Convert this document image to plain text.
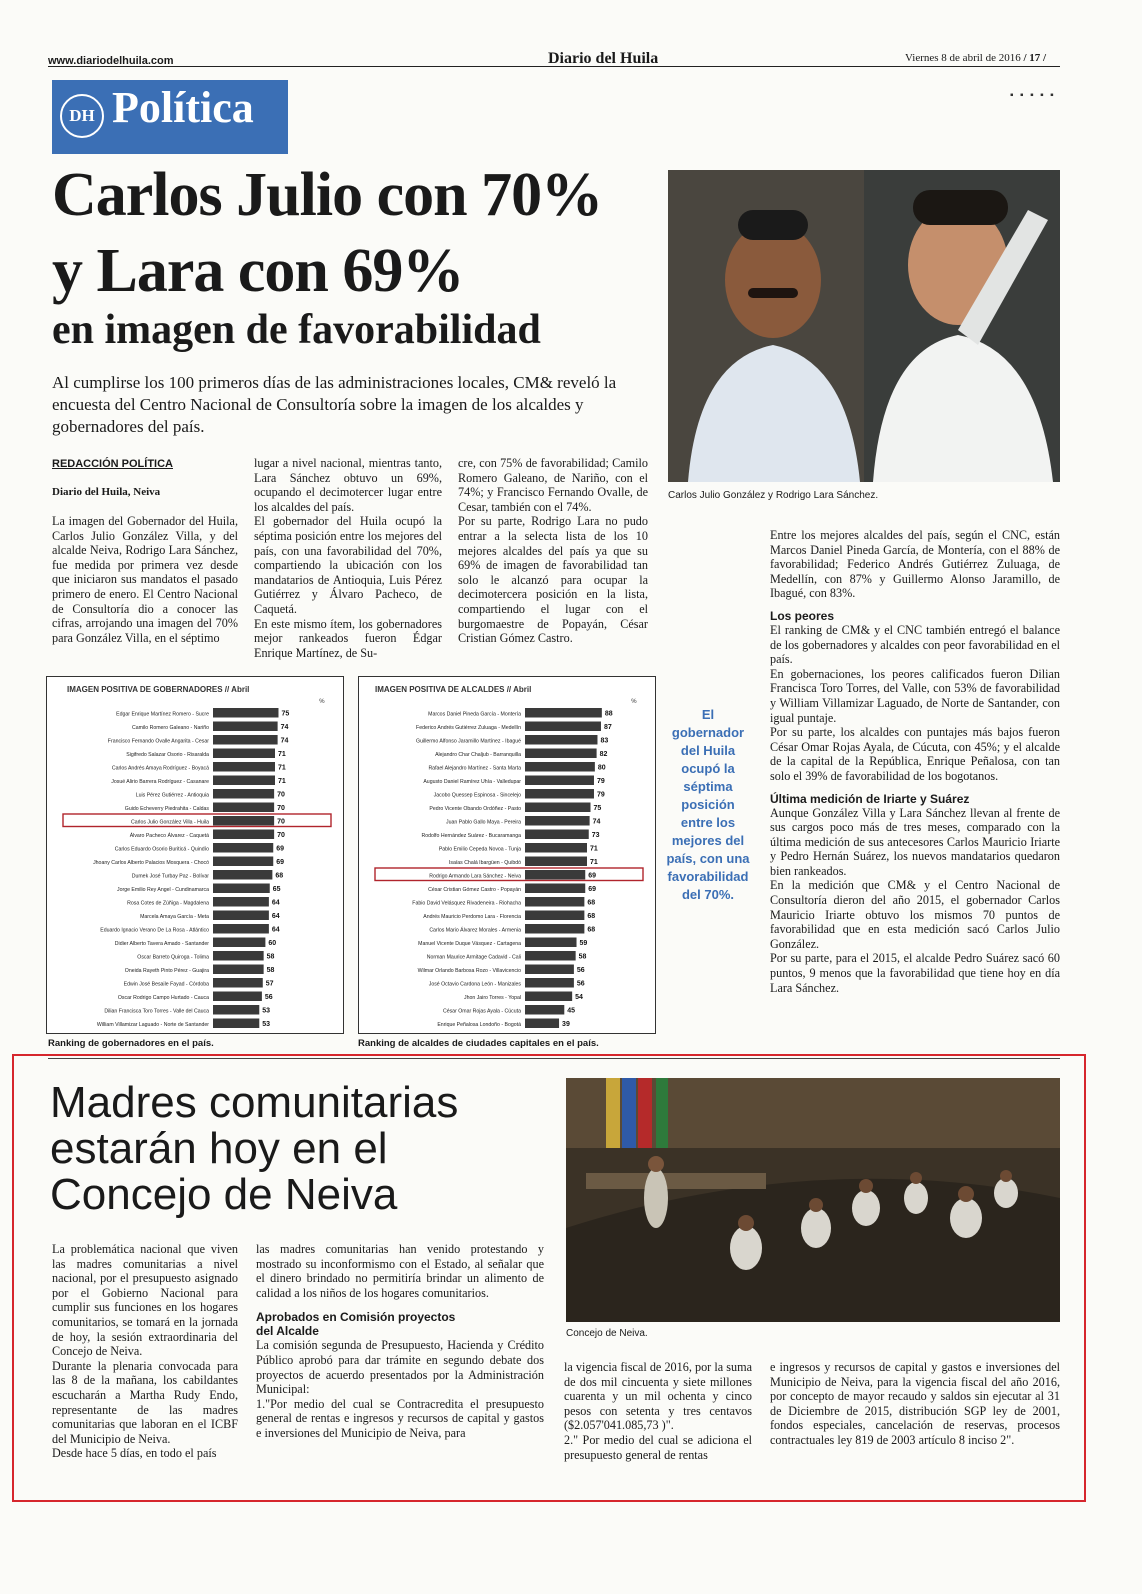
www.diariodelhuila.com	Diario del Huila	Viernes 8 de abril de 2016 / 17 /
DH Política	▪ ▪ ▪ ▪ ▪
Carlos Julio con 70%
y Lara con 69%
en imagen de favorabilidad
Al cumplirse los 100 primeros días de las administraciones locales, CM& reveló la encuesta del Centro Nacional de Consultoría sobre la imagen de los alcaldes y gobernadores del país.
Carlos Julio González y Rodrigo Lara Sánchez.
REDACCIÓN POLÍTICA
Diario del Huila, Neiva
La imagen del Gobernador del Huila, Carlos Julio González Villa, y del alcalde Neiva, Rodrigo Lara Sánchez, fue medida por primera vez desde que iniciaron sus mandatos el pasado primero de enero. El Centro Nacional de Consultoría dio a conocer las cifras, arrojando una imagen del 70% para González Villa, en el séptimo
lugar a nivel nacional, mientras tanto, Lara Sánchez obtuvo un 69%, ocupando el decimotercer lugar entre los alcaldes del país.
El gobernador del Huila ocupó la séptima posición entre los mejores del país, con una favorabilidad del 70%, compartiendo la ubicación con los mandatarios de Antioquia, Luis Pérez Gutiérrez y Álvaro Pacheco, de Caquetá.
En este mismo ítem, los gobernadores mejor rankeados fueron Édgar Enrique Martínez, de Su-
cre, con 75% de favorabilidad; Camilo Romero Galeano, de Nariño, con el 74%; y Francisco Fernando Ovalle, de Cesar, también con el 74%.
Por su parte, Rodrigo Lara no pudo entrar a la selecta lista de los 10 mejores alcaldes del país ya que su 69% de imagen de favorabilidad tan solo le alcanzó para ocupar la decimotercera posición en la lista, compartiendo el lugar con el burgomaestre de Popayán, César Cristian Gómez Castro.
Entre los mejores alcaldes del país, según el CNC, están Marcos Daniel Pineda García, de Montería, con el 88% de favorabilidad; Federico Andrés Gutiérrez Zuluaga, de Medellín, con 87% y Guillermo Alonso Jaramillo, de Ibagué, con 83%.
Los peores
El ranking de CM& y el CNC también entregó el balance de los gobernadores y alcaldes con peor favorabilidad en el país.
En gobernaciones, los peores calificados fueron Dilian Francisca Toro Torres, del Valle, con 53% de favorabilidad y William Villamizar Laguado, de Norte de Santander, con igual puntaje.
Por su parte, los alcaldes con puntajes más bajos fueron César Omar Rojas Ayala, de Cúcuta, con 45%; y el alcalde de la capital de la República, Enrique Peñalosa, con tan solo el 39% de favorabilidad de los bogotanos.
Última medición de Iriarte y Suárez
Aunque González Villa y Lara Sánchez llevan al frente de sus cargos poco más de tres meses, comparado con la última medición de sus antecesores Carlos Mauricio Iriarte y Pedro Hernán Suárez, los nuevos mandatarios quedaron bien rankeados.
En la medición que CM& y el Centro Nacional de Consultoría dieron del año 2015, el gobernador Carlos Mauricio Iriarte obtuvo los mismos 70 puntos de favorabilidad que en esta medición sacó Carlos Julio González.
Por su parte, para el 2015, el alcalde Pedro Suárez sacó 60 puntos, 9 menos que la favorabilidad que tiene hoy en día Lara Sánchez.
El gobernador del Huila ocupó la séptima posición entre los mejores del país, con una favorabilidad del 70%.
IMAGEN POSITIVA DE GOBERNADORES // Abril
%
Edgar Enrique Martínez Romero - Sucre	75
Camilo Romero Galeano - Nariño	74
Francisco Fernando Ovalle Angarita - Cesar	74
Sigifredo Salazar Osorio - Risaralda	71
Carlos Andrés Amaya Rodríguez - Boyacá	71
Josué Alirio Barrera Rodríguez - Casanare	71
Luis Pérez Gutiérrez - Antioquia	70
Guido Echeverry Piedrahita - Caldas	70
Carlos Julio González Villa - Huila	70
Álvaro Pacheco Álvarez - Caquetá	70
Carlos Eduardo Osorio Buriticá - Quindío	69
Jhoany Carlos Alberto Palacios Mosquera - Chocó	69
Dumek José Turbay Paz - Bolívar	68
Jorge Emilio Rey Angel - Cundinamarca	65
Rosa Cotes de Zúñiga - Magdalena	64
Marcela Amaya García - Meta	64
Eduardo Ignacio Verano De La Rosa - Atlántico	64
Didier Alberto Tavera Amado - Santander	60
Oscar Barreto Quiroga - Tolima	58
Oneida Rayeth Pinto Pérez - Guajira	58
Edwin José Besaile Fayad - Córdoba	57
Oscar Rodrigo Campo Hurtado - Cauca	56
Dilian Francisca Toro Torres - Valle del Cauca	53
William Villamizar Laguado - Norte de Santander	53
Ranking de gobernadores en el país.
IMAGEN POSITIVA DE ALCALDES // Abril
%
Marcos Daniel Pineda García - Montería	88
Federico Andrés Gutiérrez Zuluaga - Medellín	87
Guillermo Alfonso Jaramillo Martínez - Ibagué	83
Alejandro Char Chaljub - Barranquilla	82
Rafael Alejandro Martínez - Santa Marta	80
Augusto Daniel Ramírez Uhía - Valledupar	79
Jacobo Quessep Espinosa - Sincelejo	79
Pedro Vicente Obando Ordóñez - Pasto	75
Juan Pablo Gallo Maya - Pereira	74
Rodolfo Hernández Suárez - Bucaramanga	73
Pablo Emilio Cepeda Novoa - Tunja	71
Isaías Chalá Ibargüen - Quibdó	71
Rodrigo Armando Lara Sánchez - Neiva	69
César Cristian Gómez Castro - Popayán	69
Fabio David Velásquez Rivadeneira - Riohacha	68
Andrés Mauricio Perdomo Lara - Florencia	68
Carlos Mario Álvarez Morales - Armenia	68
Manuel Vicente Duque Vásquez - Cartagena	59
Norman Maurice Armitage Cadavid - Cali	58
Wilmar Orlando Barbosa Rozo - Villavicencio	56
José Octavio Cardona León - Manizales	56
Jhon Jairo Torres - Yopal	54
César Omar Rojas Ayala - Cúcuta	45
Enrique Peñalosa Londoño - Bogotá	39
Ranking de alcaldes de ciudades capitales en el país.
Madres comunitarias
estarán hoy en el
Concejo de Neiva
Concejo de Neiva.
La problemática nacional que viven las madres comunitarias a nivel nacional, por el presupuesto asignado por el Gobierno Nacional para cumplir sus funciones en los hogares comunitarios, se tomará en la jornada de hoy, la sesión extraordinaria del Concejo de Neiva.
Durante la plenaria convocada para las 8 de la mañana, los cabildantes escucharán a Martha Rudy Endo, representante de las madres comunitarias que laboran en el ICBF del Municipio de Neiva.
Desde hace 5 días, en todo el país
las madres comunitarias han venido protestando y mostrado su inconformismo con el Estado, al señalar que el dinero brindado no permitiría brindar un alimento de calidad a los niños de los hogares comunitarios.
Aprobados en Comisión proyectos del Alcalde
La comisión segunda de Presupuesto, Hacienda y Crédito Público aprobó para dar trámite en segundo debate dos proyectos de acuerdo presentados por la Administración Municipal:
1."Por medio del cual se Contracredita el presupuesto general de rentas e ingresos y recursos de capital y gastos e inversiones del Municipio de Neiva, para
la vigencia fiscal de 2016, por la suma de dos mil cincuenta y siete millones cuarenta y un mil ochenta y cinco pesos con setenta y tres centavos ($2.057'041.085,73 )".
2." Por medio del cual se adiciona el presupuesto general de rentas
e ingresos y recursos de capital y gastos e inversiones del Municipio de Neiva, para la vigencia fiscal del año 2016, por concepto de mayor recaudo y saldos sin ejecutar al 31 de Diciembre de 2015, distribución SGP ley de 2001, fondos especiales, cancelación de reservas, procesos contractuales ley 819 de 2003 artículo 8 inciso 2".
